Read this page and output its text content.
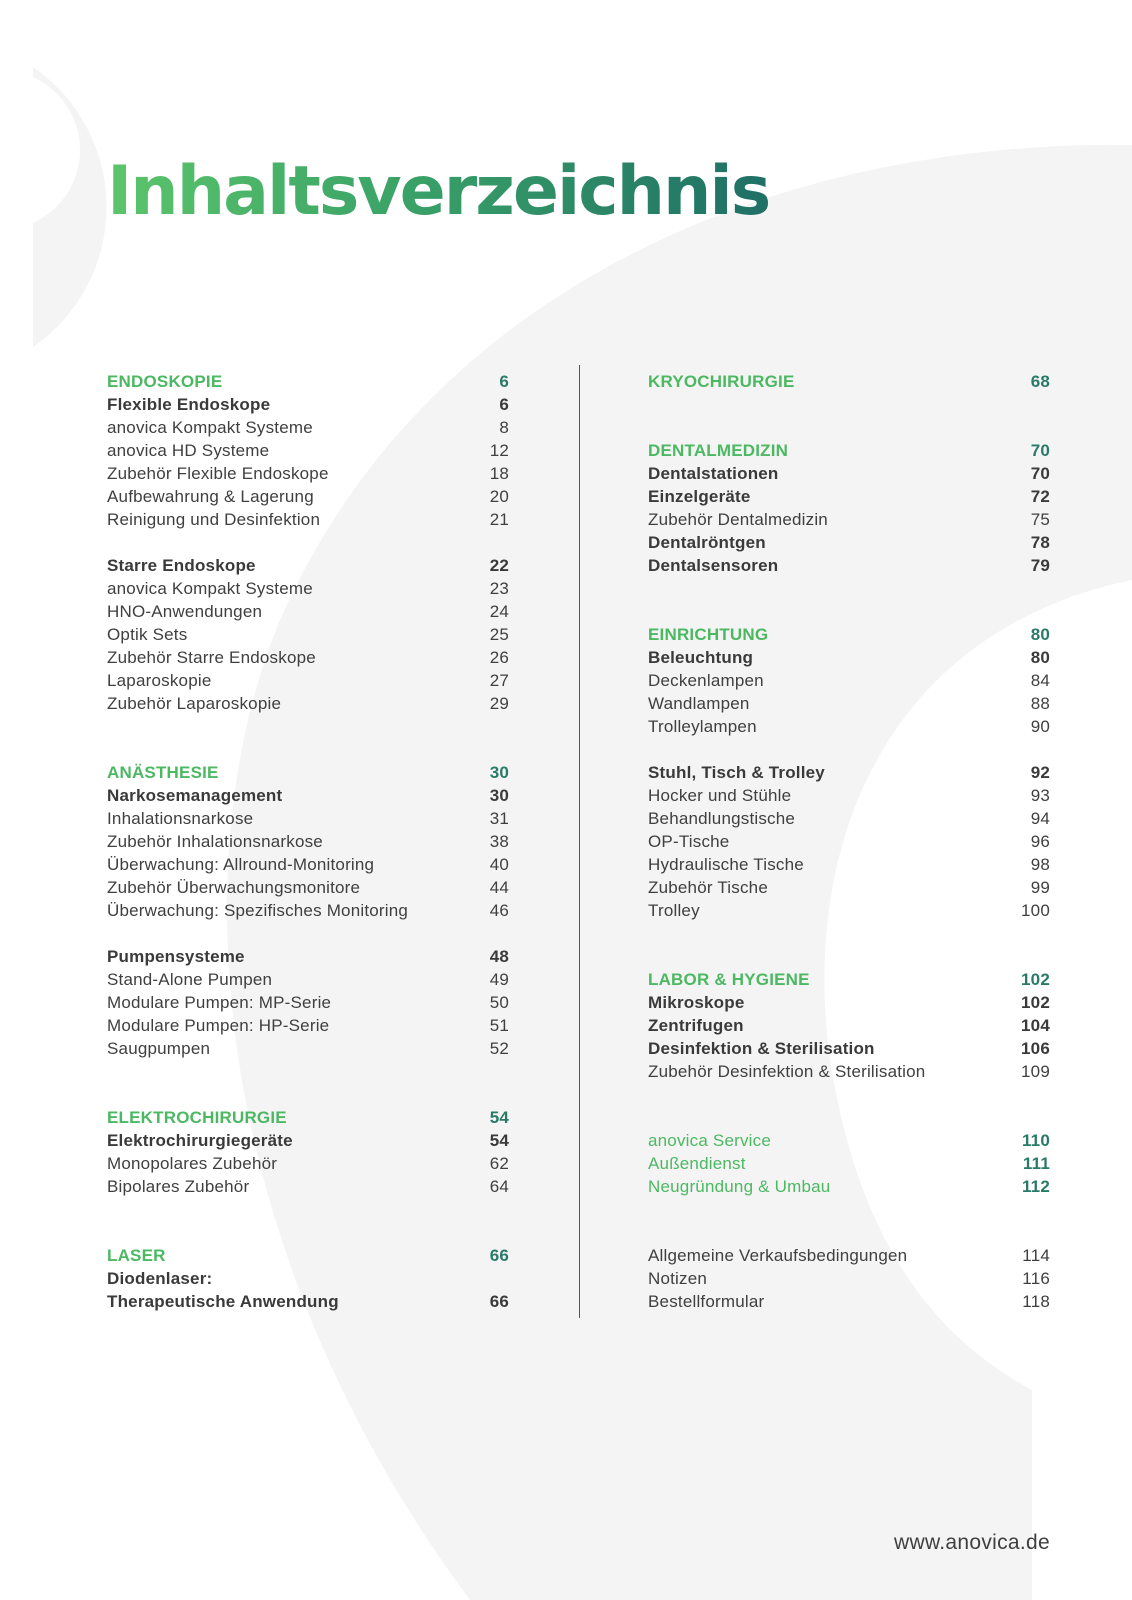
Inhaltsverzeichnis
ENDOSKOPIE	6
Flexible Endoskope	6
anovica Kompakt Systeme	8
anovica HD Systeme	12
Zubehör Flexible Endoskope	18
Aufbewahrung & Lagerung	20
Reinigung und Desinfektion	21
Starre Endoskope	22
anovica Kompakt Systeme	23
HNO-Anwendungen	24
Optik Sets	25
Zubehör Starre Endoskope	26
Laparoskopie	27
Zubehör Laparoskopie	29
ANÄSTHESIE	30
Narkosemanagement	30
Inhalationsnarkose	31
Zubehör Inhalationsnarkose	38
Überwachung: Allround-Monitoring	40
Zubehör Überwachungsmonitore	44
Überwachung: Spezifisches Monitoring	46
Pumpensysteme	48
Stand-Alone Pumpen	49
Modulare Pumpen: MP-Serie	50
Modulare Pumpen: HP-Serie	51
Saugpumpen	52
ELEKTROCHIRURGIE	54
Elektrochirurgiegeräte	54
Monopolares Zubehör	62
Bipolares Zubehör	64
LASER	66
Diodenlaser:
Therapeutische Anwendung	66
KRYOCHIRURGIE	68
DENTALMEDIZIN	70
Dentalstationen	70
Einzelgeräte	72
Zubehör Dentalmedizin	75
Dentalröntgen	78
Dentalsensoren	79
EINRICHTUNG	80
Beleuchtung	80
Deckenlampen	84
Wandlampen	88
Trolleylampen	90
Stuhl, Tisch & Trolley	92
Hocker und Stühle	93
Behandlungstische	94
OP-Tische	96
Hydraulische Tische	98
Zubehör Tische	99
Trolley	100
LABOR & HYGIENE	102
Mikroskope	102
Zentrifugen	104
Desinfektion & Sterilisation	106
Zubehör Desinfektion & Sterilisation	109
anovica Service	110
Außendienst	111
Neugründung & Umbau	112
Allgemeine Verkaufsbedingungen	114
Notizen	116
Bestellformular	118
www.anovica.de
